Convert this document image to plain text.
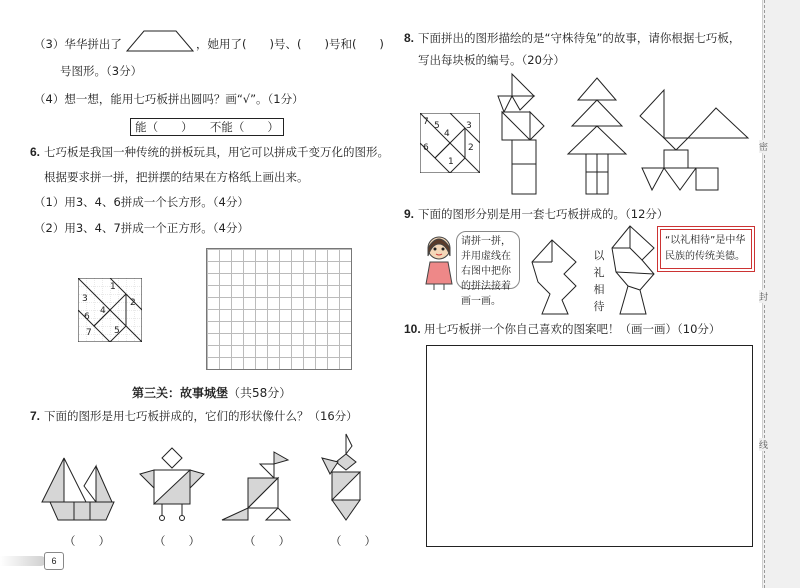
密
封
线
（3）华华拼出了	，她用了(　　)号、(　　)号和(　　)
号图形。（3分）
（4）想一想，能用七巧板拼出圆吗？画“√”。（1分）
能（　　）　　不能（　　）
6. 七巧板是我国一种传统的拼板玩具，用它可以拼成千变万化的图形。
根据要求拼一拼，把拼摆的结果在方格纸上画出来。
（1）用3、4、6拼成一个长方形。（4分）
（2）用3、4、7拼成一个正方形。（4分）
1
2
3
4
5
6
7
第三关：故事城堡（共58分）
7. 下面的图形是用七巧板拼成的，它们的形状像什么？（16分）
（　　）	（　　）	（　　）	（　　）
6
8. 下面拼出的图形描绘的是“守株待兔”的故事，请你根据七巧板，
写出每块板的编号。（20分）
7 5
4
3
6
1
2
9. 下面的图形分别是用一套七巧板拼成的。（12分）
请拼一拼，并用虚线在右图中把你的拼法接着画一画。
以
礼
相
待
“以礼相待”是中华民族的传统美德。
10. 用七巧板拼一个你自己喜欢的图案吧！（画一画）（10分）
